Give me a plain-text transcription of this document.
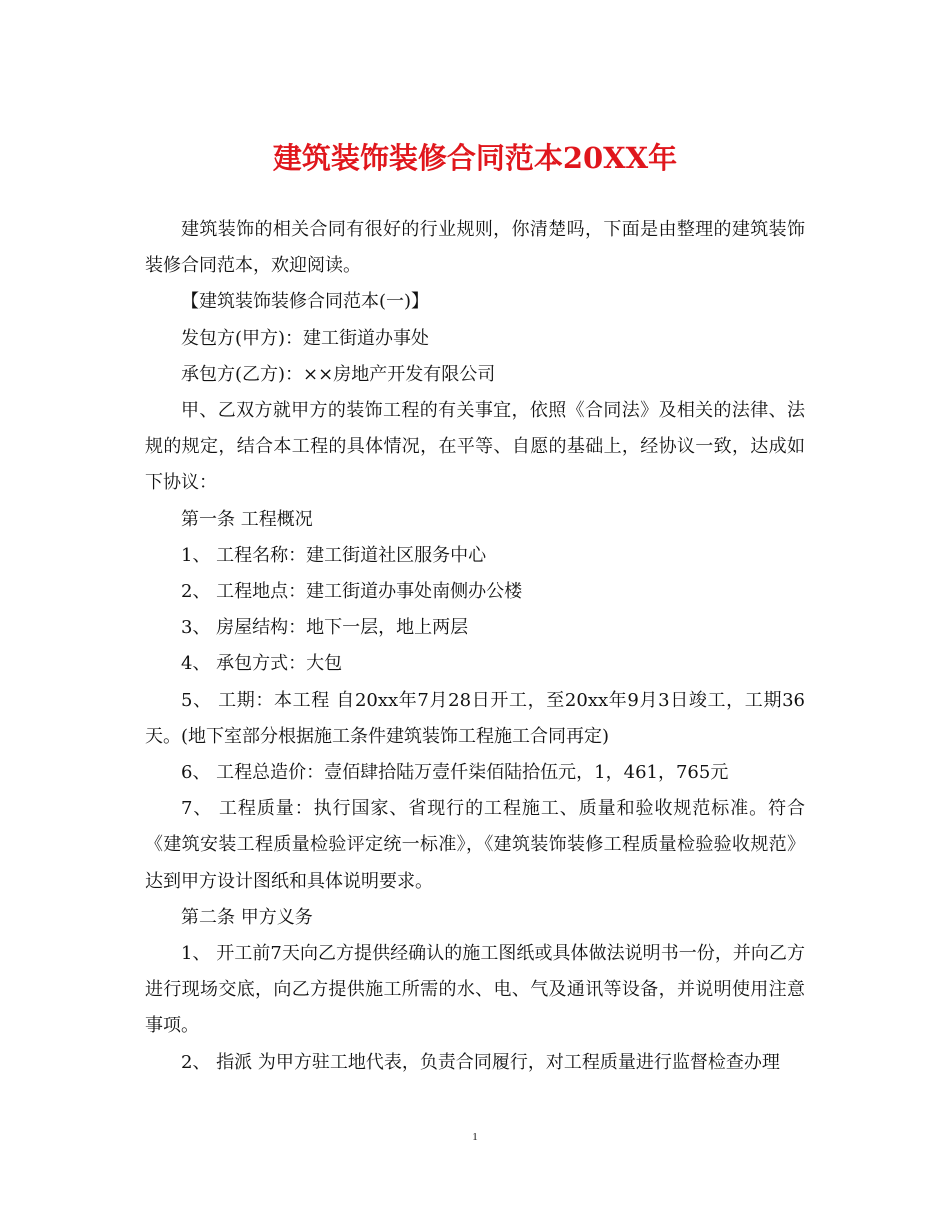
建筑装饰装修合同范本20XX年

建筑装饰的相关合同有很好的行业规则，你清楚吗，下面是由整理的建筑装饰装修合同范本，欢迎阅读。

【建筑装饰装修合同范本(一)】

发包方(甲方)：建工街道办事处

承包方(乙方)：××房地产开发有限公司

甲、乙双方就甲方的装饰工程的有关事宜，依照《合同法》及相关的法律、法规的规定，结合本工程的具体情况，在平等、自愿的基础上，经协议一致，达成如下协议：

第一条 工程概况

1、 工程名称：建工街道社区服务中心

2、 工程地点：建工街道办事处南侧办公楼

3、 房屋结构：地下一层，地上两层

4、 承包方式：大包

5、 工期：本工程 自20xx年7月28日开工，至20xx年9月3日竣工，工期36天。(地下室部分根据施工条件建筑装饰工程施工合同再定)

6、 工程总造价：壹佰肆拾陆万壹仟柒佰陆拾伍元，1，461，765元

7、 工程质量：执行国家、省现行的工程施工、质量和验收规范标准。符合《建筑安装工程质量检验评定统一标准》，《建筑装饰装修工程质量检验验收规范》达到甲方设计图纸和具体说明要求。

第二条 甲方义务

1、 开工前7天向乙方提供经确认的施工图纸或具体做法说明书一份，并向乙方进行现场交底，向乙方提供施工所需的水、电、气及通讯等设备，并说明使用注意事项。

2、 指派 为甲方驻工地代表，负责合同履行，对工程质量进行监督检查办理

1
